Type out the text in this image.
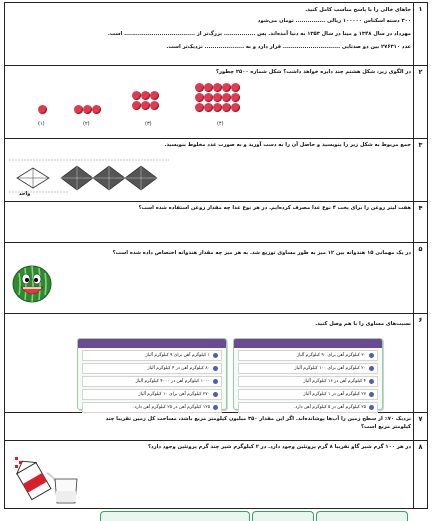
۱

جاهای خالی را با پاسخ مناسب کامل کنید.

۳۰۰ دسته اسکناس ۱۰۰۰۰۰ ریالی ............... تومان می‌شود

مهرداد در سال ۱۳۴۸ و مینا در سال ۱۳۵۳ به دنیا آمده‌اند. پس ................ بزرگ‌تر از .................................... است.

عدد ۲۷۶۳۱۰ بین دو صدتایی ............................. قرار دارد و به .................... نزدیک‌تر است.

۲

در الگوی زیر، شکل هشتم چند دایره خواهد داشت؟ شکل شماره ۲۵۰۰ چطور؟

(۱)	(۲)	(۳)	(۴)
۳

جمع مربوط به شکل زیر را بنویسید و حاصل آن را به دست آورید و به صورت عدد مخلوط بنویسید.

واحد
۴

هفت لیتر روغن را برای پخت ۴ نوع غذا مصرف کرده‌ایم. در هر نوع غذا چه مقدار روغن استفاده شده است؟

۵

در یک مهمانی ۱۵ هندوانه بین ۱۲ میز به طور مساوی توزیع شد. به هر میز چه مقدار هندوانه اختصاص داده شده است؟

۶

نسبت‌های مساوی را با هم وصل کنید.

۱ کیلوگرم آهن برای ۹ کیلوگرم آلیاژ
۸۰ کیلوگرم آهن در ۴ کیلوگرم آلیاژ
۱۰۰۰ کیلوگرم آهن در ۴۰۰۰ کیلوگرم آلیاژ
۲۷۰ کیلوگرم آهن برای ۱۰ کیلوگرم آلیاژ
۱۲۵ کیلوگرم آهن در ۲۵ کیلوگرم آهن دارد.
۳۰ کیلوگرم آهن برای ۹۰ کیلوگرم آلیاژ
۲۰ کیلوگرم آهن برای ۱۰۰ کیلوگرم آلیاژ
۴ کیلوگرم آهن در ۱۶ کیلوگرم آلیاژ
۲۷ کیلوگرم آهن در ۱ کیلوگرم آلیاژ
۲۵ کیلوگرم آهن در ۵ کیلوگرم آهن دارد.
۷

نزدیک ۷۰٪ از سطح زمین را آب‌ها پوشانده‌اند. اگر این مقدار ۳۵۰ میلیون کیلومتر مربع باشد، مساحت کل زمین تقریبا چند

کیلومتر مربع است؟

۸

در هر ۱۰۰ گرم شیر گاو تقریبا ۸ گرم پروتئین وجود دارد. در ۲ کیلوگرم شیر چند گرم پروتئین وجود دارد؟
